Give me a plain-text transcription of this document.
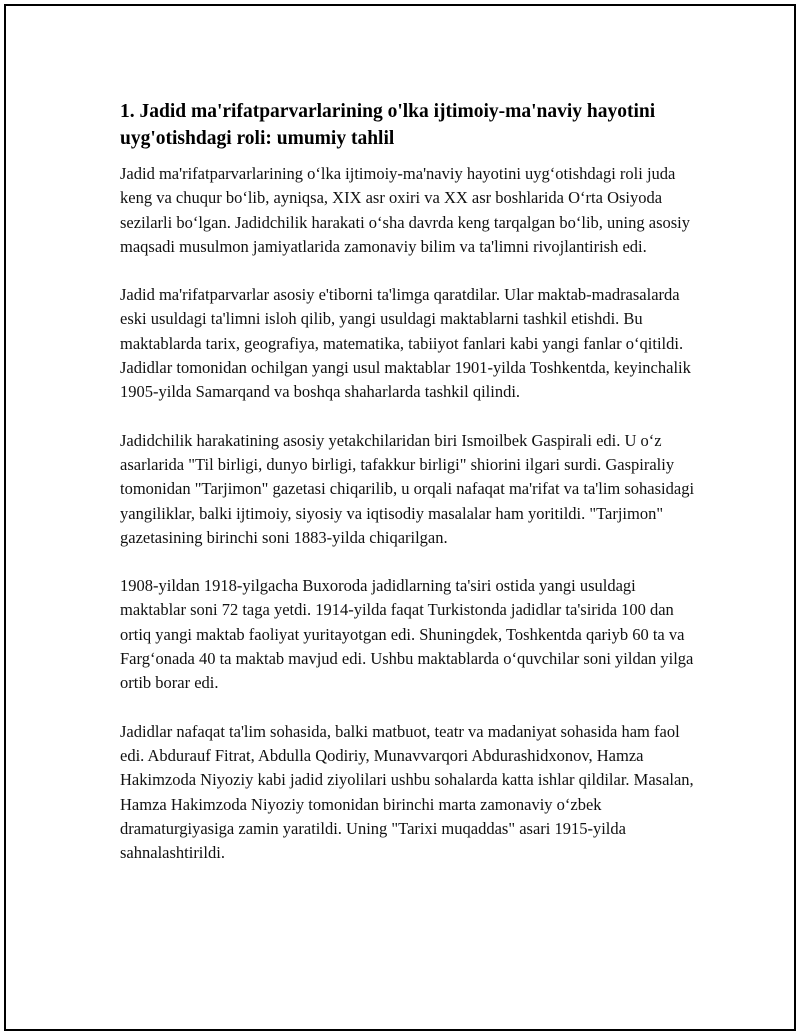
1. Jadid ma'rifatparvarlarining o'lka ijtimoiy-ma'naviy hayotini uyg'otishdagi roli: umumiy tahlil

Jadid ma'rifatparvarlarining o‘lka ijtimoiy-ma'naviy hayotini uyg‘otishdagi roli juda keng va chuqur bo‘lib, ayniqsa, XIX asr oxiri va XX asr boshlarida O‘rta Osiyoda sezilarli bo‘lgan. Jadidchilik harakati o‘sha davrda keng tarqalgan bo‘lib, uning asosiy maqsadi musulmon jamiyatlarida zamonaviy bilim va ta'limni rivojlantirish edi.

Jadid ma'rifatparvarlar asosiy e'tiborni ta'limga qaratdilar. Ular maktab-madrasalarda eski usuldagi ta'limni isloh qilib, yangi usuldagi maktablarni tashkil etishdi. Bu maktablarda tarix, geografiya, matematika, tabiiyot fanlari kabi yangi fanlar o‘qitildi. Jadidlar tomonidan ochilgan yangi usul maktablar 1901-yilda Toshkentda, keyinchalik 1905-yilda Samarqand va boshqa shaharlarda tashkil qilindi.

Jadidchilik harakatining asosiy yetakchilaridan biri Ismoilbek Gaspirali edi. U o‘z asarlarida "Til birligi, dunyo birligi, tafakkur birligi" shiorini ilgari surdi. Gaspiraliy tomonidan "Tarjimon" gazetasi chiqarilib, u orqali nafaqat ma'rifat va ta'lim sohasidagi yangiliklar, balki ijtimoiy, siyosiy va iqtisodiy masalalar ham yoritildi. "Tarjimon" gazetasining birinchi soni 1883-yilda chiqarilgan.

1908-yildan 1918-yilgacha Buxoroda jadidlarning ta'siri ostida yangi usuldagi maktablar soni 72 taga yetdi. 1914-yilda faqat Turkistonda jadidlar ta'sirida 100 dan ortiq yangi maktab faoliyat yuritayotgan edi. Shuningdek, Toshkentda qariyb 60 ta va Farg‘onada 40 ta maktab mavjud edi. Ushbu maktablarda o‘quvchilar soni yildan yilga ortib borar edi.

Jadidlar nafaqat ta'lim sohasida, balki matbuot, teatr va madaniyat sohasida ham faol edi. Abdurauf Fitrat, Abdulla Qodiriy, Munavvarqori Abdurashidxonov, Hamza Hakimzoda Niyoziy kabi jadid ziyolilari ushbu sohalarda katta ishlar qildilar. Masalan, Hamza Hakimzoda Niyoziy tomonidan birinchi marta zamonaviy o‘zbek dramaturgiyasiga zamin yaratildi. Uning "Tarixi muqaddas" asari 1915-yilda sahnalashtirildi.
